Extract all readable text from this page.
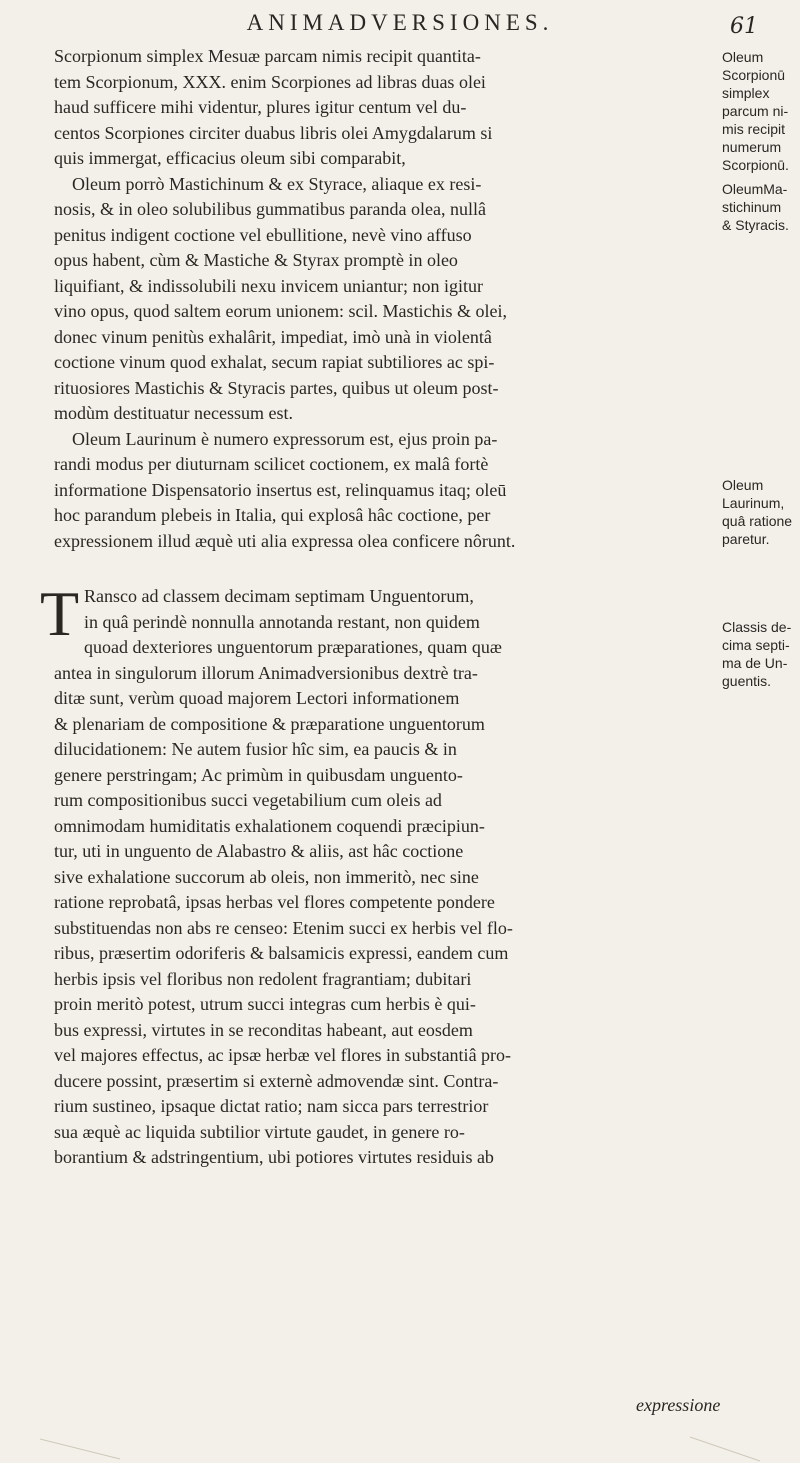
ANIMADVERSIONES.	61
Scorpionum simplex Mesuæ parcam nimis recipit quantita-
tem Scorpionum, XXX. enim Scorpiones ad libras duas olei
haud sufficere mihi videntur, plures igitur centum vel du-
centos Scorpiones circiter duabus libris olei Amygdalarum si
quis immergat, efficacius oleum sibi comparabit,
Oleum porrò Mastichinum & ex Styrace, aliaque ex resi-
nosis, & in oleo solubilibus gummatibus paranda olea, nullâ
penitus indigent coctione vel ebullitione, nevè vino affuso
opus habent, cùm & Mastiche & Styrax promptè in oleo
liquifiant, & indissolubili nexu invicem uniantur; non igitur
vino opus, quod saltem eorum unionem: scil. Mastichis & olei,
donec vinum penitùs exhalârit, impediat, imò unà in violentâ
coctione vinum quod exhalat, secum rapiat subtiliores ac spi-
rituosiores Mastichis & Styracis partes, quibus ut oleum post-
modùm destituatur necessum est.
Oleum Laurinum è numero expressorum est, ejus proin pa-
randi modus per diuturnam scilicet coctionem, ex malâ fortè
informatione Dispensatorio insertus est, relinquamus itaq; oleū
hoc parandum plebeis in Italia, qui explosâ hâc coctione, per
expressionem illud æquè uti alia expressa olea conficere nôrunt.
T Ransco ad classem decimam septimam Unguentorum,
in quâ perindè nonnulla annotanda restant, non quidem
quoad dexteriores unguentorum præparationes, quam quæ
antea in singulorum illorum Animadversionibus dextrè tra-
ditæ sunt, verùm quoad majorem Lectori informationem
& plenariam de compositione & præparatione unguentorum
dilucidationem: Ne autem fusior hîc sim, ea paucis & in
genere perstringam; Ac primùm in quibusdam unguento-
rum compositionibus succi vegetabilium cum oleis ad
omnimodam humiditatis exhalationem coquendi præcipiun-
tur, uti in unguento de Alabastro & aliis, ast hâc coctione
sive exhalatione succorum ab oleis, non immeritò, nec sine
ratione reprobatâ, ipsas herbas vel flores competente pondere
substituendas non abs re censeo: Etenim succi ex herbis vel flo-
ribus, præsertim odoriferis & balsamicis expressi, eandem cum
herbis ipsis vel floribus non redolent fragrantiam; dubitari
proin meritò potest, utrum succi integras cum herbis è qui-
bus expressi, virtutes in se reconditas habeant, aut eosdem
vel majores effectus, ac ipsæ herbæ vel flores in substantiâ pro-
ducere possint, præsertim si externè admovendæ sint. Contra-
rium sustineo, ipsaque dictat ratio; nam sicca pars terrestrior
sua æquè ac liquida subtilior virtute gaudet, in genere ro-
borantium & adstringentium, ubi potiores virtutes residuis ab
Oleum
Scorpionū
simplex
parcum ni-
mis recipit
numerum
Scorpionū.
OleumMa-
stichinum
& Styracis.
Oleum
Laurinum,
quâ ratione
paretur.
Classis de-
cima septi-
ma de Un-
guentis.
expressione
